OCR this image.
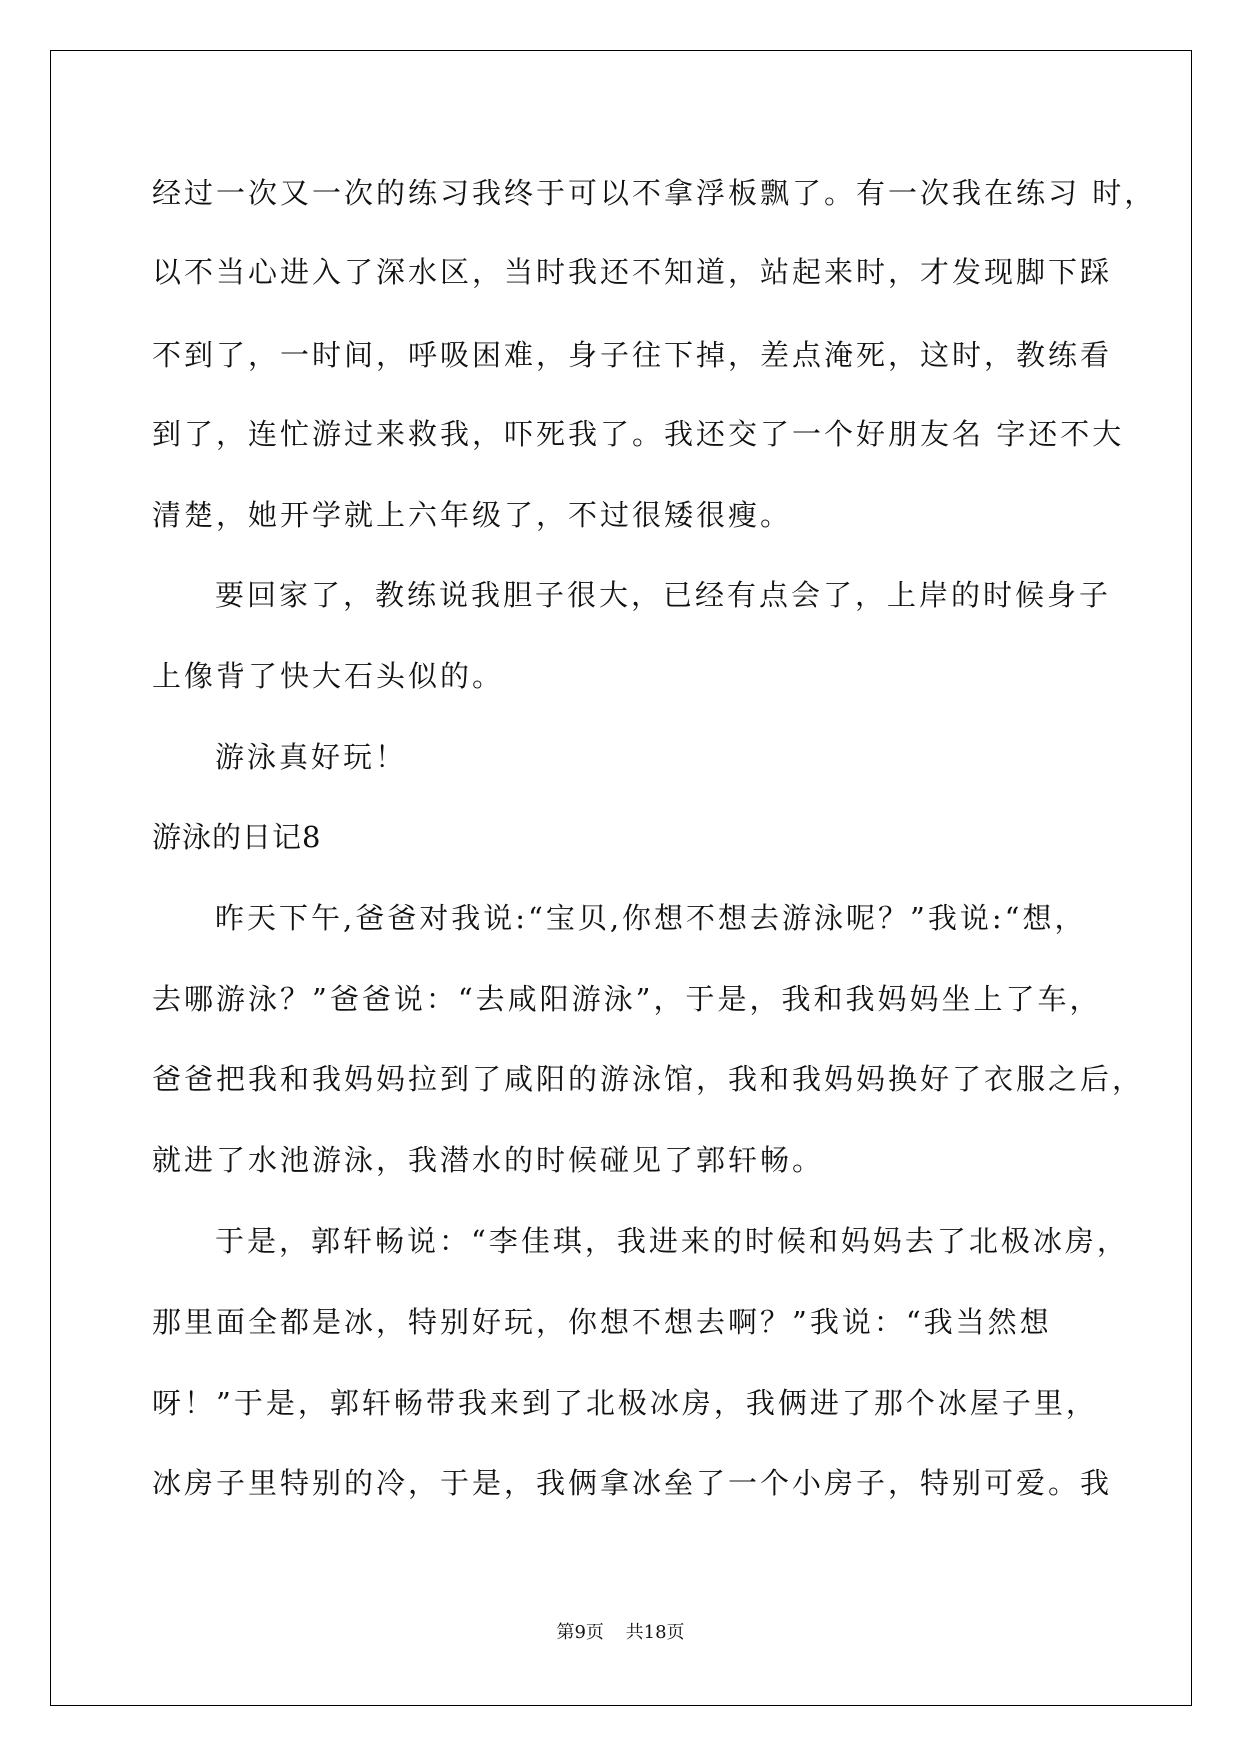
经过一次又一次的练习我终于可以不拿浮板飘了。有一次我在练习 时，
以不当心进入了深水区，当时我还不知道，站起来时，才发现脚下踩
不到了，一时间，呼吸困难，身子往下掉，差点淹死，这时，教练看
到了，连忙游过来救我，吓死我了。我还交了一个好朋友名 字还不大
清楚，她开学就上六年级了，不过很矮很瘦。
要回家了，教练说我胆子很大，已经有点会了，上岸的时候身子
上像背了快大石头似的。
游泳真好玩！
游泳的日记8
昨天下午,爸爸对我说:“宝贝,你想不想去游泳呢？”我说:“想，
去哪游泳？”爸爸说：“去咸阳游泳”，于是，我和我妈妈坐上了车，
爸爸把我和我妈妈拉到了咸阳的游泳馆，我和我妈妈换好了衣服之后，
就进了水池游泳，我潜水的时候碰见了郭轩畅。
于是，郭轩畅说：“李佳琪，我进来的时候和妈妈去了北极冰房，
那里面全都是冰，特别好玩，你想不想去啊？”我说：“我当然想
呀！”于是，郭轩畅带我来到了北极冰房，我俩进了那个冰屋子里，
冰房子里特别的冷，于是，我俩拿冰垒了一个小房子，特别可爱。我
第9页 共18页
